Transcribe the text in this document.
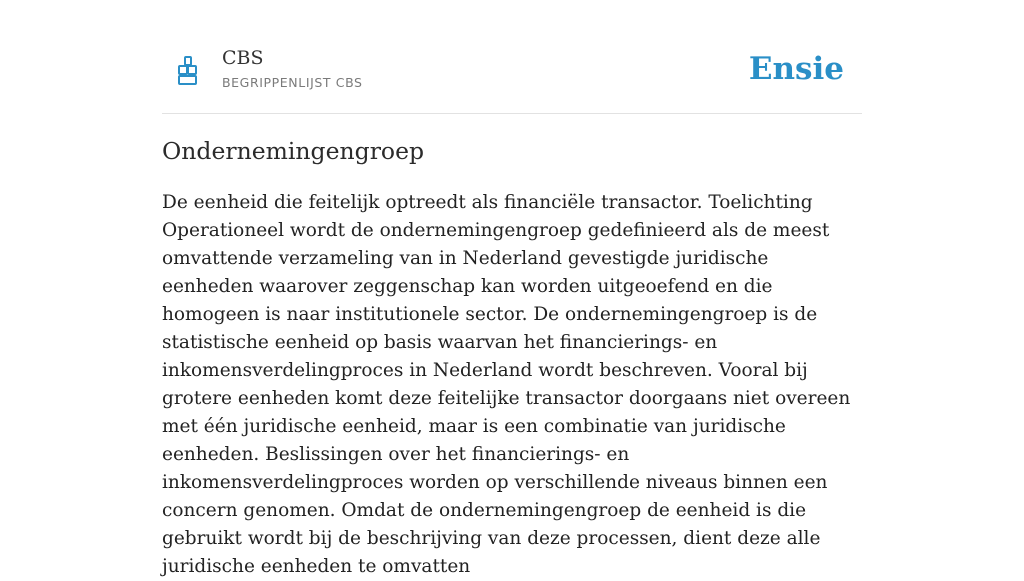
CBS
BEGRIPPENLIJST CBS	Ensie
Ondernemingengroep

De eenheid die feitelijk optreedt als financiële transactor. Toelichting Operationeel wordt de ondernemingengroep gedefinieerd als de meest omvattende verzameling van in Nederland gevestigde juridische eenheden waarover zeggenschap kan worden uitgeoefend en die homogeen is naar institutionele sector. De ondernemingengroep is de statistische eenheid op basis waarvan het financierings- en inkomensverdelingproces in Nederland wordt beschreven. Vooral bij grotere eenheden komt deze feitelijke transactor doorgaans niet overeen met één juridische eenheid, maar is een combinatie van juridische eenheden. Beslissingen over het financierings- en inkomensverdelingproces worden op verschillende niveaus binnen een concern genomen. Omdat de ondernemingengroep de eenheid is die gebruikt wordt bij de beschrijving van deze processen, dient deze alle juridische eenheden te omvatten
